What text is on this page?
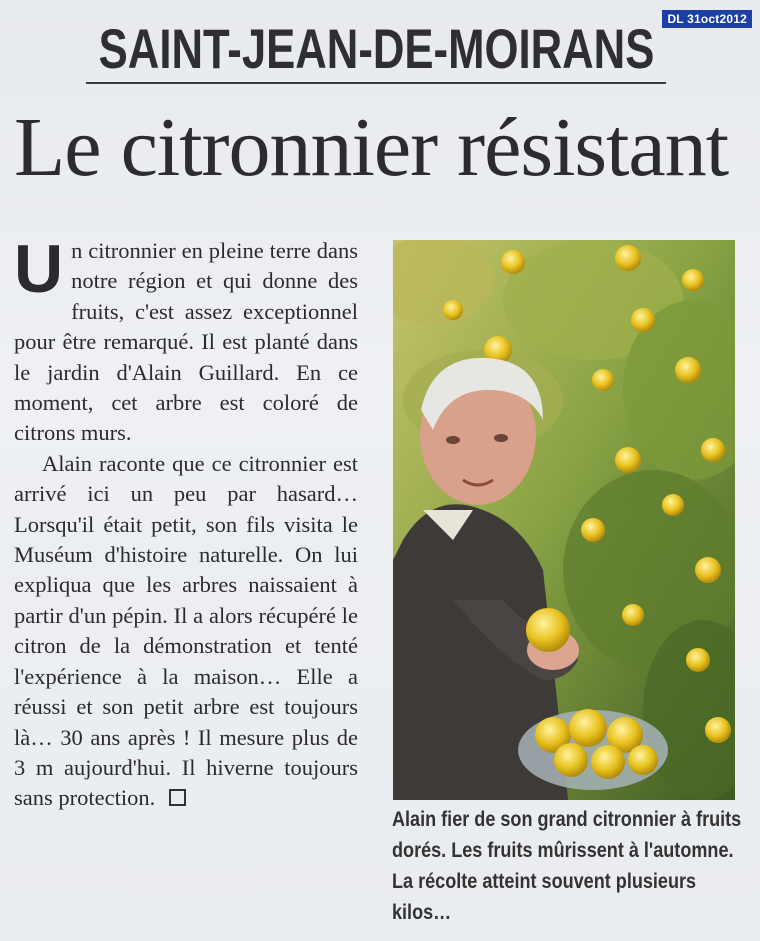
DL 31oct2012
SAINT-JEAN-DE-MOIRANS
Le citronnier résistant

Un citronnier en pleine terre dans notre région et qui donne des fruits, c'est assez exceptionnel pour être remarqué. Il est planté dans le jardin d'Alain Guillard. En ce moment, cet arbre est coloré de citrons murs.

Alain raconte que ce citronnier est arrivé ici un peu par hasard… Lorsqu'il était petit, son fils visita le Muséum d'histoire naturelle. On lui expliqua que les arbres naissaient à partir d'un pépin. Il a alors récupéré le citron de la démonstration et tenté l'expérience à la maison… Elle a réussi et son petit arbre est toujours là… 30 ans après ! Il mesure plus de 3 m aujourd'hui. Il hiverne toujours sans protection.

Alain fier de son grand citronnier à fruits dorés. Les fruits mûrissent à l'automne. La récolte atteint souvent plusieurs kilos…
